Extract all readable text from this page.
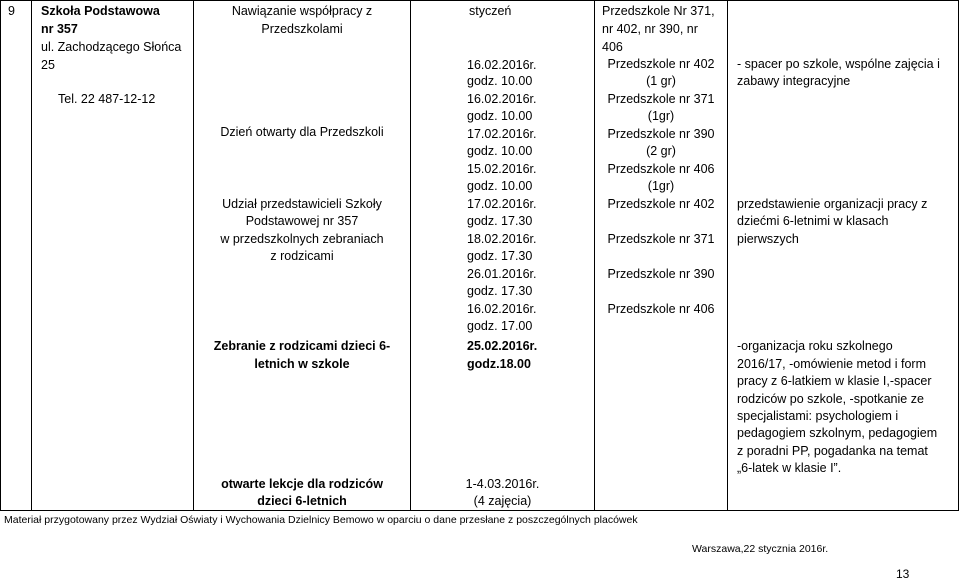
9 Szkoła Podstawowa
nr 357
ul. Zachodzącego Słońca
25
Tel. 22 487-12-12
Nawiązanie współpracy z
Przedszkolami
Dzień otwarty dla Przedszkoli
Udział przedstawicieli Szkoły
Podstawowej nr 357
w przedszkolnych zebraniach
z rodzicami
Zebranie z rodzicami dzieci 6-
letnich w szkole
otwarte lekcje dla rodziców
dzieci 6-letnich
styczeń
16.02.2016r.
godz. 10.00
16.02.2016r.
godz. 10.00
17.02.2016r.
godz. 10.00
15.02.2016r.
godz. 10.00
17.02.2016r.
godz. 17.30
18.02.2016r.
godz. 17.30
26.01.2016r.
godz. 17.30
16.02.2016r.
godz. 17.00
25.02.2016r.
godz.18.00
1-4.03.2016r.
(4 zajęcia)
Przedszkole Nr 371,
nr 402, nr 390, nr
406
Przedszkole nr 402
(1 gr)
Przedszkole nr 371
(1gr)
Przedszkole nr 390
(2 gr)
Przedszkole nr 406
(1gr)
Przedszkole nr 402
Przedszkole nr 371
Przedszkole nr 390
Przedszkole nr 406
- spacer po szkole, wspólne zajęcia i
zabawy integracyjne
przedstawienie organizacji pracy z
dziećmi 6-letnimi w klasach
pierwszych
-organizacja roku szkolnego
2016/17, -omówienie metod i form
pracy z 6-latkiem w klasie I,-spacer
rodziców po szkole, -spotkanie ze
specjalistami: psychologiem i
pedagogiem szkolnym, pedagogiem
z poradni PP, pogadanka na temat
„6-latek w klasie I”.
Materiał przygotowany przez Wydział Oświaty i Wychowania Dzielnicy Bemowo w oparciu o dane przesłane z poszczególnych placówek
Warszawa,22 stycznia 2016r.
13
